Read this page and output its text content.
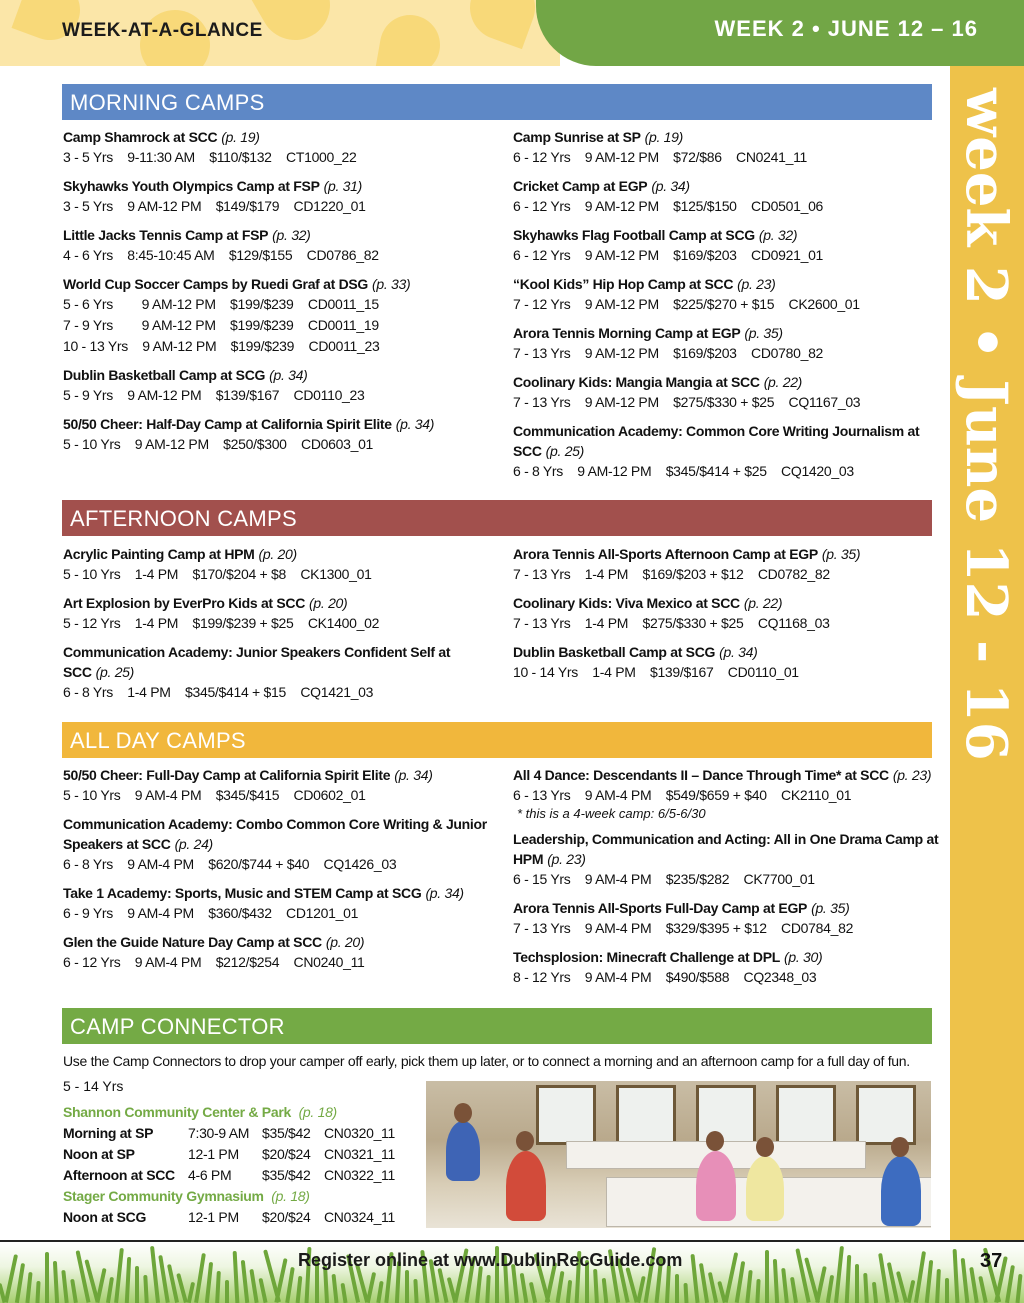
WEEK-AT-A-GLANCE	WEEK 2 • JUNE 12 – 16
week 2 • June 12 - 16
MORNING CAMPS
Camp Shamrock at SCC (p. 19)
3 - 5 Yrs    9-11:30 AM    $110/$132    CT1000_22
Skyhawks Youth Olympics Camp at FSP (p. 31)
3 - 5 Yrs    9 AM-12 PM    $149/$179    CD1220_01
Little Jacks Tennis Camp at FSP (p. 32)
4 - 6 Yrs    8:45-10:45 AM    $129/$155    CD0786_82
World Cup Soccer Camps by Ruedi Graf at DSG (p. 33)
5 - 6 Yrs        9 AM-12 PM    $199/$239    CD0011_15
7 - 9 Yrs        9 AM-12 PM    $199/$239    CD0011_19
10 - 13 Yrs    9 AM-12 PM    $199/$239    CD0011_23
Dublin Basketball Camp at SCG (p. 34)
5 - 9 Yrs    9 AM-12 PM    $139/$167    CD0110_23
50/50 Cheer: Half-Day Camp at California Spirit Elite (p. 34)
5 - 10 Yrs    9 AM-12 PM    $250/$300    CD0603_01
Camp Sunrise at SP (p. 19)
6 - 12 Yrs    9 AM-12 PM    $72/$86    CN0241_11
Cricket Camp at EGP (p. 34)
6 - 12 Yrs    9 AM-12 PM    $125/$150    CD0501_06
Skyhawks Flag Football Camp at SCG (p. 32)
6 - 12 Yrs    9 AM-12 PM    $169/$203    CD0921_01
“Kool Kids” Hip Hop Camp at SCC (p. 23)
7 - 12 Yrs    9 AM-12 PM    $225/$270 + $15    CK2600_01
Arora Tennis Morning Camp at EGP (p. 35)
7 - 13 Yrs    9 AM-12 PM    $169/$203    CD0780_82
Coolinary Kids: Mangia Mangia at SCC (p. 22)
7 - 13 Yrs    9 AM-12 PM    $275/$330 + $25    CQ1167_03
Communication Academy: Common Core Writing Journalism at SCC (p. 25)
6 - 8 Yrs    9 AM-12 PM    $345/$414 + $25    CQ1420_03
AFTERNOON CAMPS
Acrylic Painting Camp at HPM (p. 20)
5 - 10 Yrs    1-4 PM    $170/$204 + $8    CK1300_01
Art Explosion by EverPro Kids at SCC (p. 20)
5 - 12 Yrs    1-4 PM    $199/$239 + $25    CK1400_02
Communication Academy: Junior Speakers Confident Self at SCC (p. 25)
6 - 8 Yrs    1-4 PM    $345/$414 + $15    CQ1421_03
Arora Tennis All-Sports Afternoon Camp at EGP (p. 35)
7 - 13 Yrs    1-4 PM    $169/$203 + $12    CD0782_82
Coolinary Kids: Viva Mexico at SCC (p. 22)
7 - 13 Yrs    1-4 PM    $275/$330 + $25    CQ1168_03
Dublin Basketball Camp at SCG (p. 34)
10 - 14 Yrs    1-4 PM    $139/$167    CD0110_01
ALL DAY CAMPS
50/50 Cheer: Full-Day Camp at California Spirit Elite (p. 34)
5 - 10 Yrs    9 AM-4 PM    $345/$415    CD0602_01
Communication Academy: Combo Common Core Writing & Junior Speakers at SCC (p. 24)
6 - 8 Yrs    9 AM-4 PM    $620/$744 + $40    CQ1426_03
Take 1 Academy: Sports, Music and STEM Camp at SCG (p. 34)
6 - 9 Yrs    9 AM-4 PM    $360/$432    CD1201_01
Glen the Guide Nature Day Camp at SCC (p. 20)
6 - 12 Yrs    9 AM-4 PM    $212/$254    CN0240_11
All 4 Dance: Descendants II – Dance Through Time* at SCC (p. 23)
6 - 13 Yrs    9 AM-4 PM    $549/$659 + $40    CK2110_01
* this is a 4-week camp: 6/5-6/30
Leadership, Communication and Acting: All in One Drama Camp at HPM (p. 23)
6 - 15 Yrs    9 AM-4 PM    $235/$282    CK7700_01
Arora Tennis All-Sports Full-Day Camp at EGP (p. 35)
7 - 13 Yrs    9 AM-4 PM    $329/$395 + $12    CD0784_82
Techsplosion: Minecraft Challenge at DPL (p. 30)
8 - 12 Yrs    9 AM-4 PM    $490/$588    CQ2348_03
CAMP CONNECTOR
Use the Camp Connectors to drop your camper off early, pick them up later, or to connect a morning and an afternoon camp for a full day of fun.
5 - 14 Yrs
Shannon Community Center & Park (p. 18)
Morning at SP	7:30-9 AM $35/$42 CN0320_11
Noon at SP	12-1 PM	$20/$24 CN0321_11
Afternoon at SCC 4-6 PM	$35/$42 CN0322_11
Stager Community Gymnasium (p. 18)
Noon at SCG	12-1 PM	$20/$24 CN0324_11
Register online at www.DublinRecGuide.com	37
